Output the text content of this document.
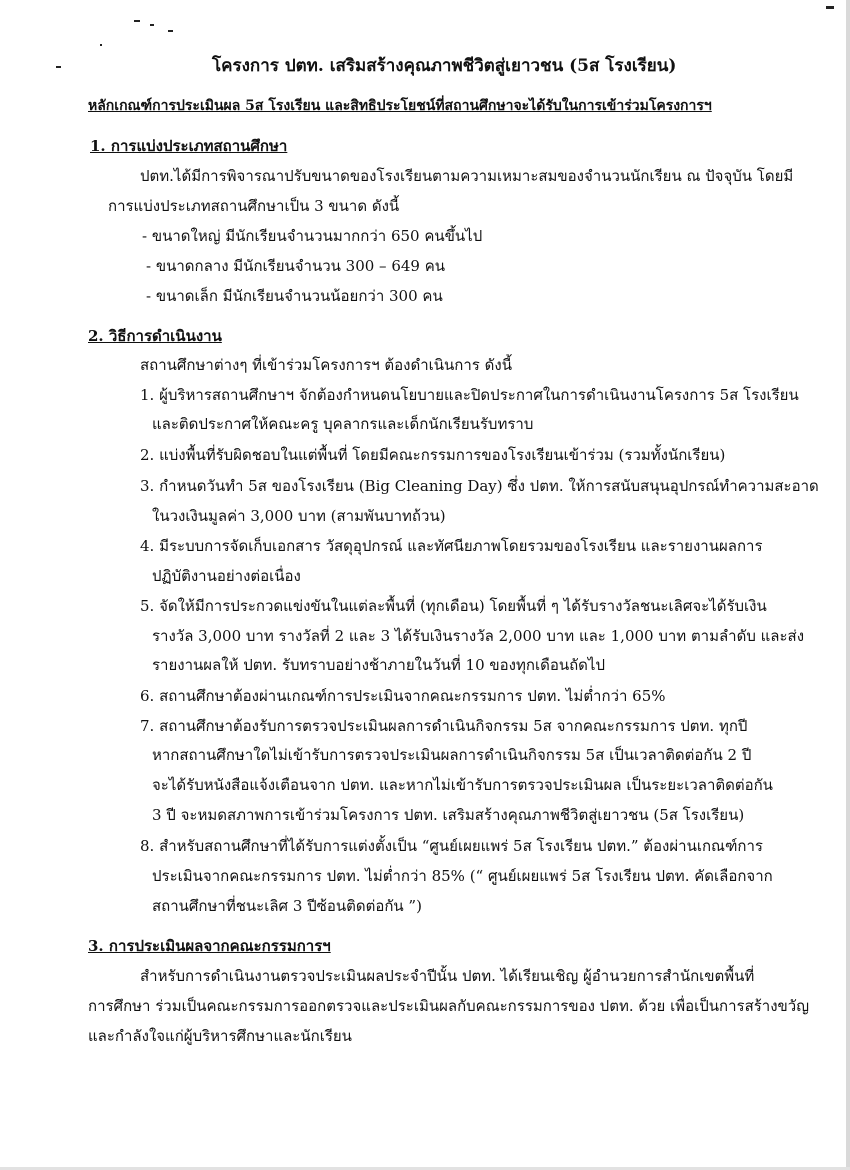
โครงการ ปตท. เสริมสร้างคุณภาพชีวิตสู่เยาวชน (5ส โรงเรียน)
หลักเกณฑ์การประเมินผล 5ส โรงเรียน และสิทธิประโยชน์ที่สถานศึกษาจะได้รับในการเข้าร่วมโครงการฯ
1. การแบ่งประเภทสถานศึกษา
ปตท.ได้มีการพิจารณาปรับขนาดของโรงเรียนตามความเหมาะสมของจำนวนนักเรียน ณ ปัจจุบัน โดยมี
การแบ่งประเภทสถานศึกษาเป็น 3 ขนาด ดังนี้
- ขนาดใหญ่ มีนักเรียนจำนวนมากกว่า 650 คนขึ้นไป
- ขนาดกลาง มีนักเรียนจำนวน 300 – 649 คน
- ขนาดเล็ก มีนักเรียนจำนวนน้อยกว่า 300 คน
2. วิธีการดำเนินงาน
สถานศึกษาต่างๆ ที่เข้าร่วมโครงการฯ ต้องดำเนินการ ดังนี้
1. ผู้บริหารสถานศึกษาฯ จักต้องกำหนดนโยบายและปิดประกาศในการดำเนินงานโครงการ 5ส โรงเรียน
และติดประกาศให้คณะครู บุคลากรและเด็กนักเรียนรับทราบ
2. แบ่งพื้นที่รับผิดชอบในแต่พื้นที่ โดยมีคณะกรรมการของโรงเรียนเข้าร่วม (รวมทั้งนักเรียน)
3. กำหนดวันทำ 5ส ของโรงเรียน (Big Cleaning Day) ซึ่ง ปตท. ให้การสนับสนุนอุปกรณ์ทำความสะอาด
ในวงเงินมูลค่า 3,000 บาท (สามพันบาทถ้วน)
4. มีระบบการจัดเก็บเอกสาร วัสดุอุปกรณ์ และทัศนียภาพโดยรวมของโรงเรียน และรายงานผลการ
ปฏิบัติงานอย่างต่อเนื่อง
5. จัดให้มีการประกวดแข่งขันในแต่ละพื้นที่ (ทุกเดือน) โดยพื้นที่ ๆ ได้รับรางวัลชนะเลิศจะได้รับเงิน
รางวัล 3,000 บาท รางวัลที่ 2 และ 3 ได้รับเงินรางวัล 2,000 บาท และ 1,000 บาท ตามลำดับ และส่ง
รายงานผลให้ ปตท. รับทราบอย่างช้าภายในวันที่ 10 ของทุกเดือนถัดไป
6. สถานศึกษาต้องผ่านเกณฑ์การประเมินจากคณะกรรมการ ปตท. ไม่ต่ำกว่า 65%
7. สถานศึกษาต้องรับการตรวจประเมินผลการดำเนินกิจกรรม 5ส จากคณะกรรมการ ปตท. ทุกปี
หากสถานศึกษาใดไม่เข้ารับการตรวจประเมินผลการดำเนินกิจกรรม 5ส เป็นเวลาติดต่อกัน 2 ปี
จะได้รับหนังสือแจ้งเตือนจาก ปตท. และหากไม่เข้ารับการตรวจประเมินผล เป็นระยะเวลาติดต่อกัน
3 ปี จะหมดสภาพการเข้าร่วมโครงการ ปตท. เสริมสร้างคุณภาพชีวิตสู่เยาวชน (5ส โรงเรียน)
8. สำหรับสถานศึกษาที่ได้รับการแต่งตั้งเป็น “ศูนย์เผยแพร่ 5ส โรงเรียน ปตท.” ต้องผ่านเกณฑ์การ
ประเมินจากคณะกรรมการ ปตท. ไม่ต่ำกว่า 85% (“ ศูนย์เผยแพร่ 5ส โรงเรียน ปตท. คัดเลือกจาก
สถานศึกษาที่ชนะเลิศ 3 ปีซ้อนติดต่อกัน ”)
3. การประเมินผลจากคณะกรรมการฯ
สำหรับการดำเนินงานตรวจประเมินผลประจำปีนั้น ปตท. ได้เรียนเชิญ ผู้อำนวยการสำนักเขตพื้นที่
การศึกษา ร่วมเป็นคณะกรรมการออกตรวจและประเมินผลกับคณะกรรมการของ ปตท. ด้วย เพื่อเป็นการสร้างขวัญ
และกำลังใจแก่ผู้บริหารศึกษาและนักเรียน
